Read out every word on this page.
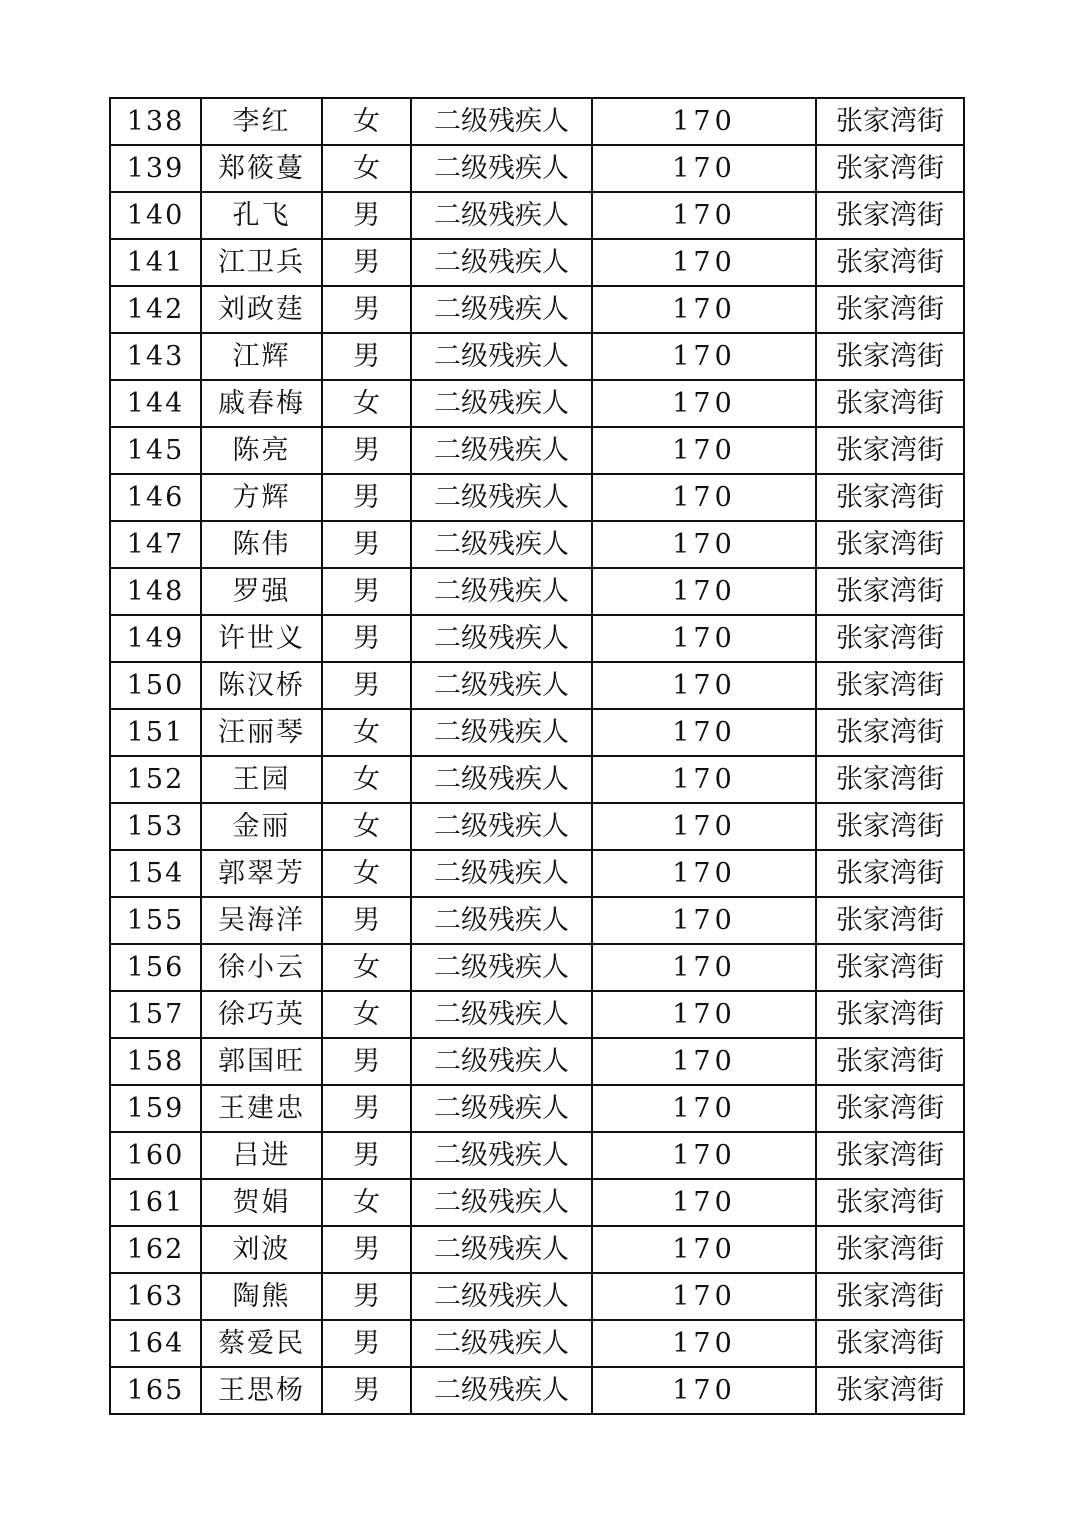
138	李红	女	二级残疾人	170	张家湾街
139	郑筱蔓	女	二级残疾人	170	张家湾街
140	孔飞	男	二级残疾人	170	张家湾街
141	江卫兵	男	二级残疾人	170	张家湾街
142	刘政莛	男	二级残疾人	170	张家湾街
143	江辉	男	二级残疾人	170	张家湾街
144	戚春梅	女	二级残疾人	170	张家湾街
145	陈亮	男	二级残疾人	170	张家湾街
146	方辉	男	二级残疾人	170	张家湾街
147	陈伟	男	二级残疾人	170	张家湾街
148	罗强	男	二级残疾人	170	张家湾街
149	许世义	男	二级残疾人	170	张家湾街
150	陈汉桥	男	二级残疾人	170	张家湾街
151	汪丽琴	女	二级残疾人	170	张家湾街
152	王园	女	二级残疾人	170	张家湾街
153	金丽	女	二级残疾人	170	张家湾街
154	郭翠芳	女	二级残疾人	170	张家湾街
155	吴海洋	男	二级残疾人	170	张家湾街
156	徐小云	女	二级残疾人	170	张家湾街
157	徐巧英	女	二级残疾人	170	张家湾街
158	郭国旺	男	二级残疾人	170	张家湾街
159	王建忠	男	二级残疾人	170	张家湾街
160	吕进	男	二级残疾人	170	张家湾街
161	贺娟	女	二级残疾人	170	张家湾街
162	刘波	男	二级残疾人	170	张家湾街
163	陶熊	男	二级残疾人	170	张家湾街
164	蔡爱民	男	二级残疾人	170	张家湾街
165	王思杨	男	二级残疾人	170	张家湾街
